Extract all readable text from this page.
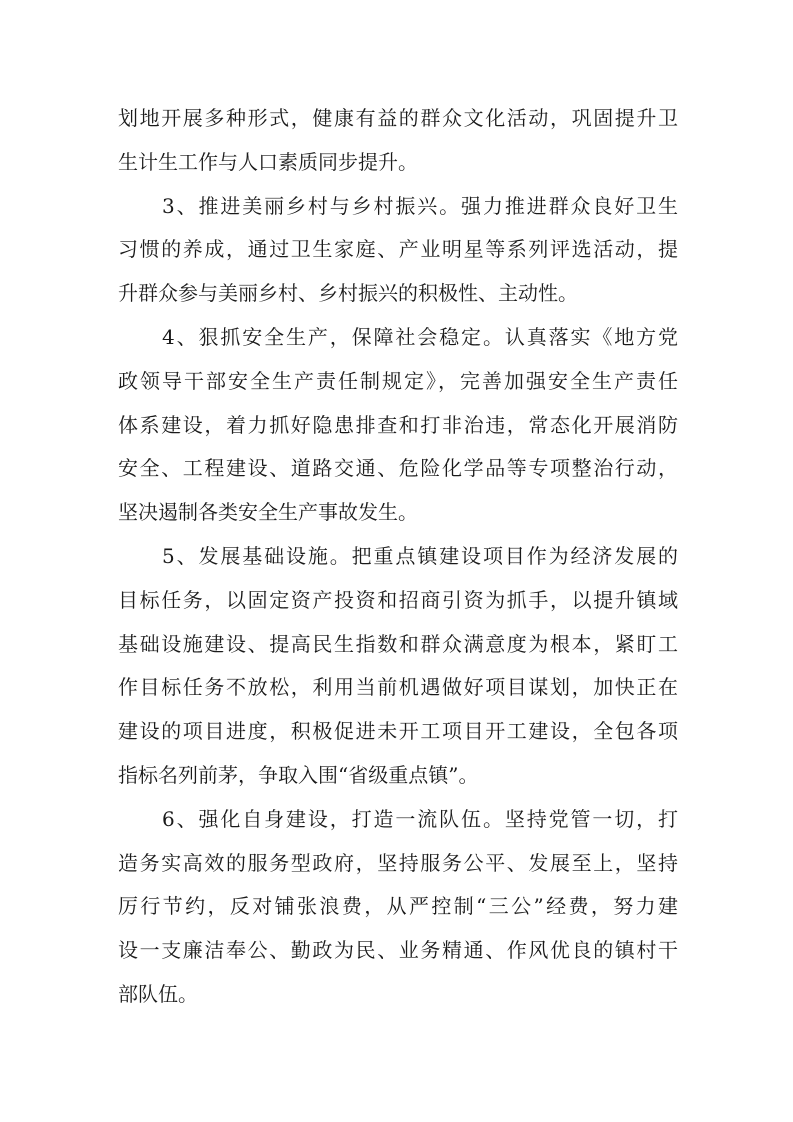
划地开展多种形式，健康有益的群众文化活动，巩固提升卫
生计生工作与人口素质同步提升。
3、推进美丽乡村与乡村振兴。强力推进群众良好卫生
习惯的养成，通过卫生家庭、产业明星等系列评选活动，提
升群众参与美丽乡村、乡村振兴的积极性、主动性。
4、狠抓安全生产，保障社会稳定。认真落实《地方党
政领导干部安全生产责任制规定》，完善加强安全生产责任
体系建设，着力抓好隐患排查和打非治违，常态化开展消防
安全、工程建设、道路交通、危险化学品等专项整治行动，
坚决遏制各类安全生产事故发生。
5、发展基础设施。把重点镇建设项目作为经济发展的
目标任务，以固定资产投资和招商引资为抓手，以提升镇域
基础设施建设、提高民生指数和群众满意度为根本，紧盯工
作目标任务不放松，利用当前机遇做好项目谋划，加快正在
建设的项目进度，积极促进未开工项目开工建设，全包各项
指标名列前茅，争取入围“省级重点镇”。
6、强化自身建设，打造一流队伍。坚持党管一切，打
造务实高效的服务型政府，坚持服务公平、发展至上，坚持
厉行节约，反对铺张浪费，从严控制“三公”经费，努力建
设一支廉洁奉公、勤政为民、业务精通、作风优良的镇村干
部队伍。
